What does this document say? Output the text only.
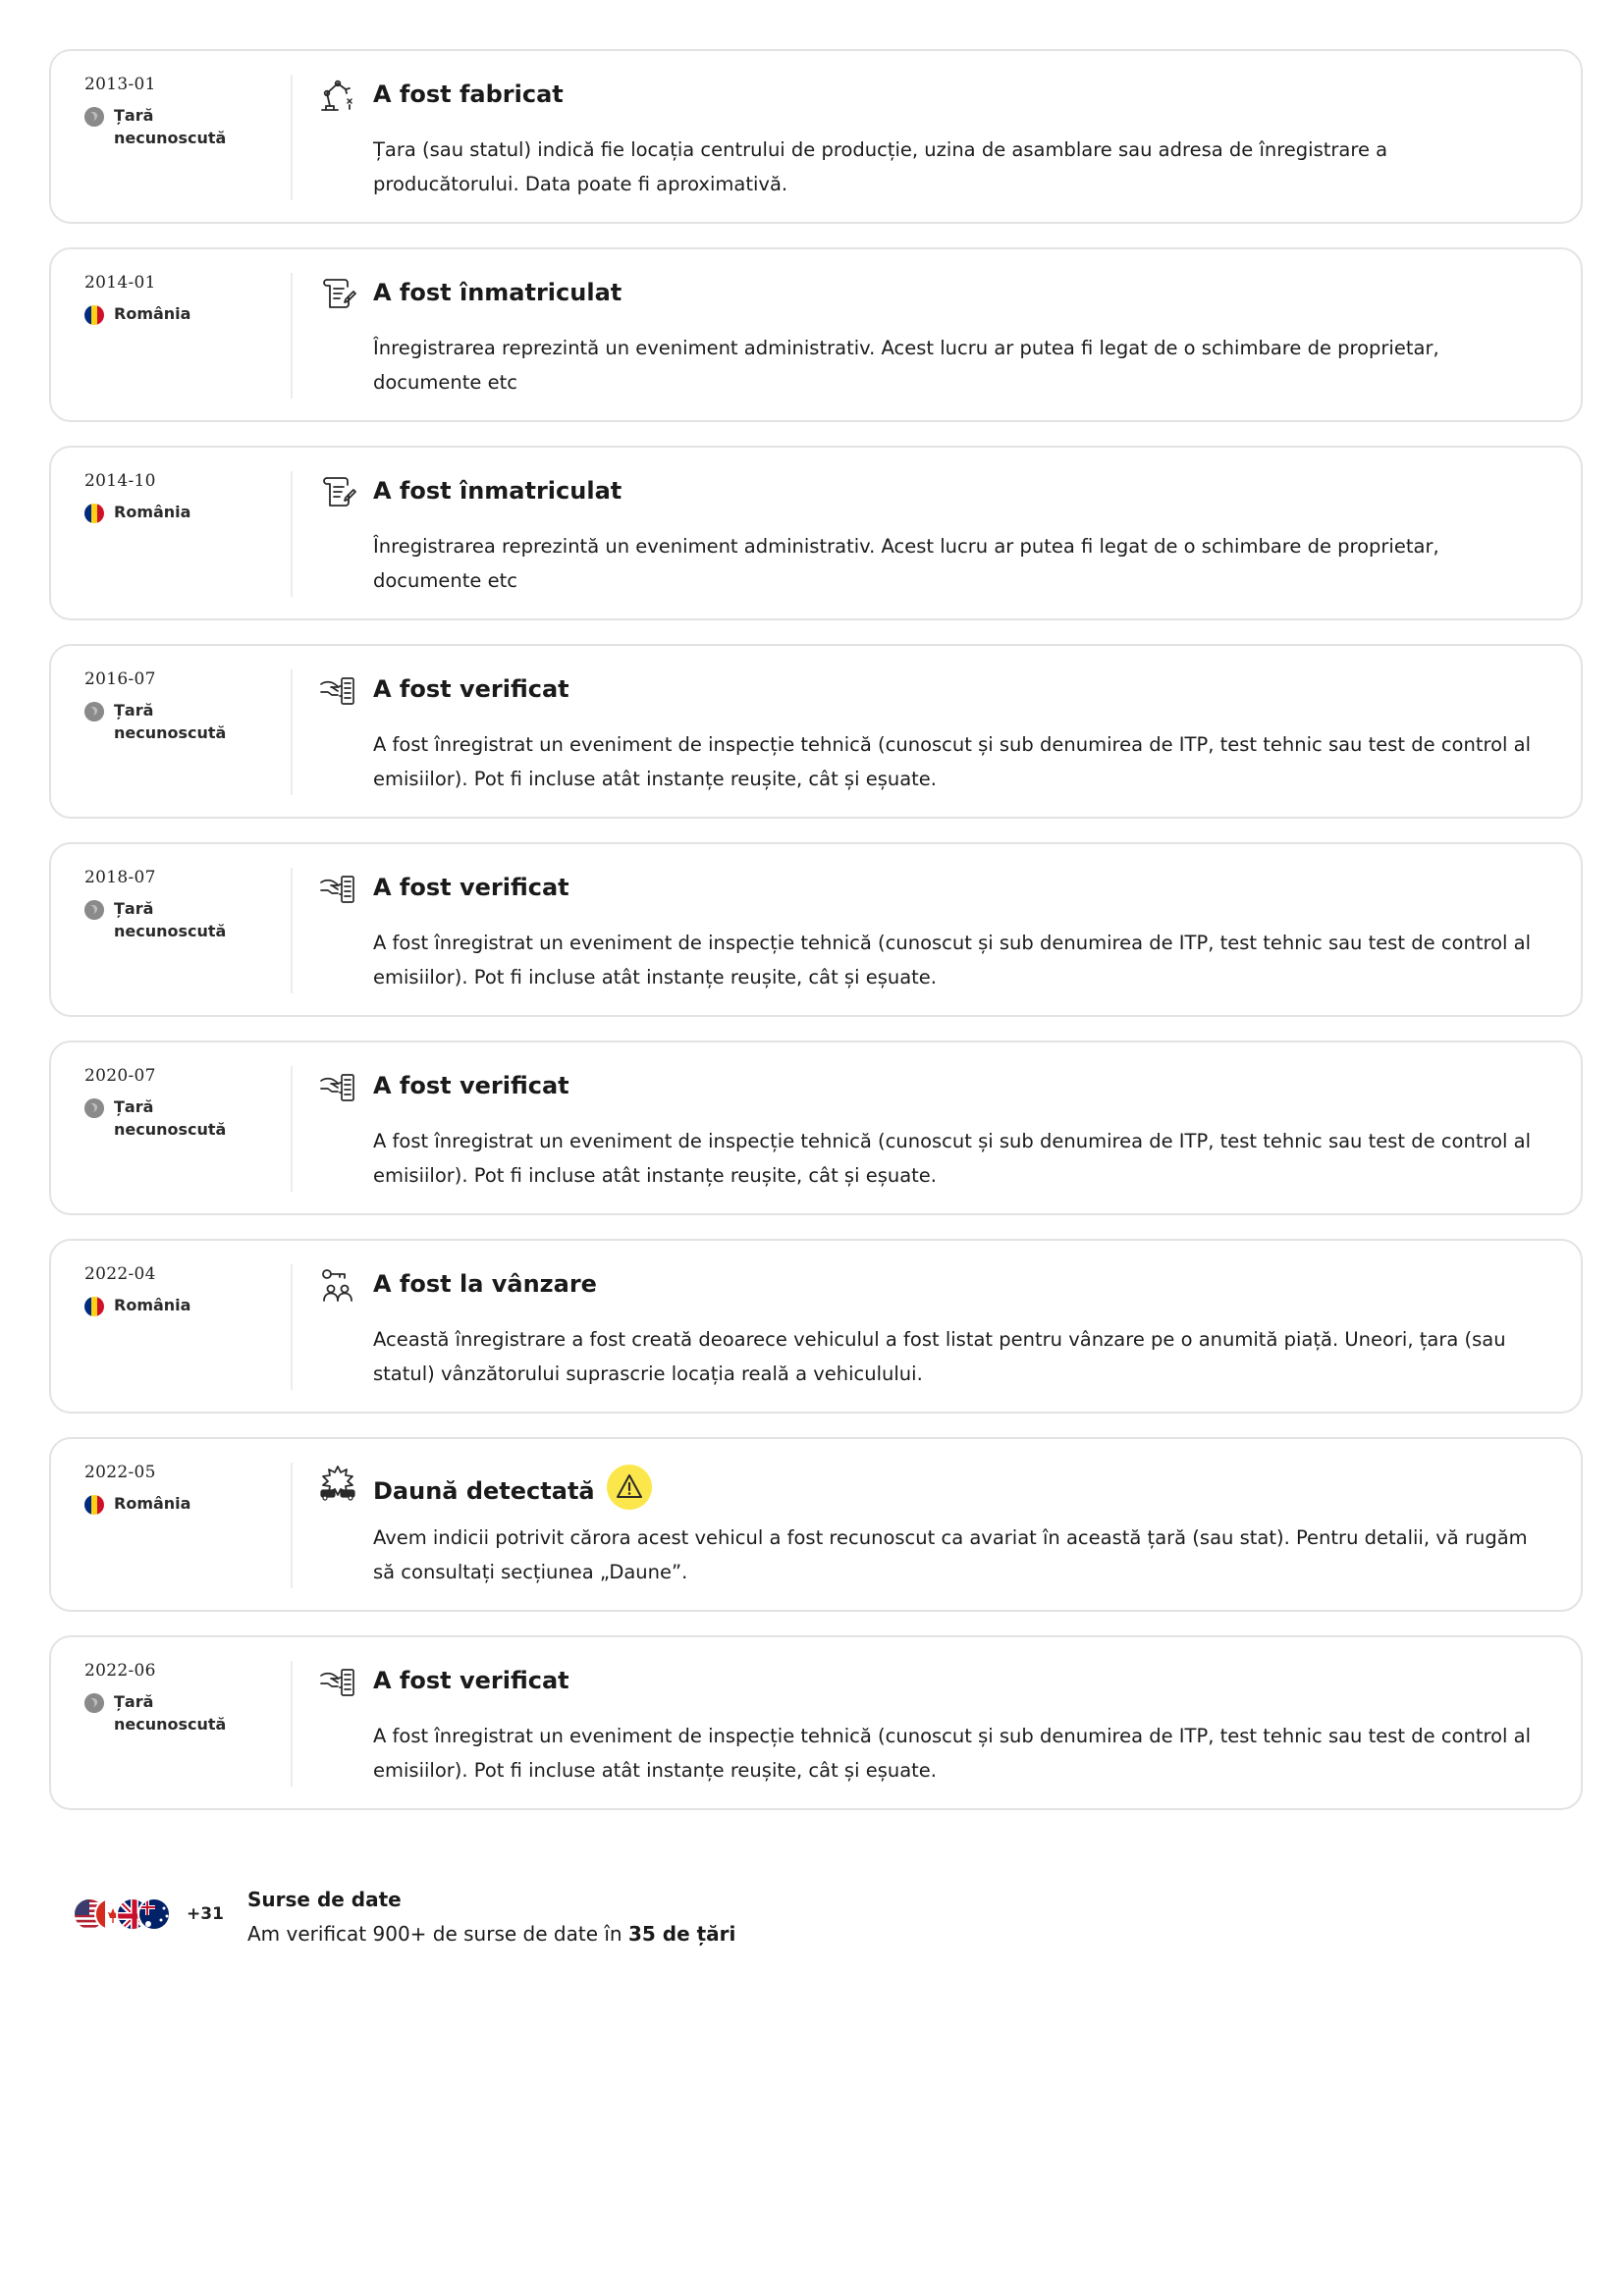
2013-01
Țară necunoscută
A fost fabricat
Țara (sau statul) indică fie locația centrului de producție, uzina de asamblare sau adresa de înregistrare a producătorului. Data poate fi aproximativă.
2014-01
România
A fost înmatriculat
Înregistrarea reprezintă un eveniment administrativ. Acest lucru ar putea fi legat de o schimbare de proprietar, documente etc
2014-10
România
A fost înmatriculat
Înregistrarea reprezintă un eveniment administrativ. Acest lucru ar putea fi legat de o schimbare de proprietar, documente etc
2016-07
Țară necunoscută
A fost verificat
A fost înregistrat un eveniment de inspecție tehnică (cunoscut și sub denumirea de ITP, test tehnic sau test de control al emisiilor). Pot fi incluse atât instanțe reușite, cât și eșuate.
2018-07
Țară necunoscută
A fost verificat
A fost înregistrat un eveniment de inspecție tehnică (cunoscut și sub denumirea de ITP, test tehnic sau test de control al emisiilor). Pot fi incluse atât instanțe reușite, cât și eșuate.
2020-07
Țară necunoscută
A fost verificat
A fost înregistrat un eveniment de inspecție tehnică (cunoscut și sub denumirea de ITP, test tehnic sau test de control al emisiilor). Pot fi incluse atât instanțe reușite, cât și eșuate.
2022-04
România
A fost la vânzare
Această înregistrare a fost creată deoarece vehiculul a fost listat pentru vânzare pe o anumită piață. Uneori, țara (sau statul) vânzătorului suprascrie locația reală a vehiculului.
2022-05
România	Daună detectată
Avem indicii potrivit cărora acest vehicul a fost recunoscut ca avariat în această țară (sau stat). Pentru detalii, vă rugăm să consultați secțiunea „Daune”.
2022-06
Țară necunoscută
A fost verificat
A fost înregistrat un eveniment de inspecție tehnică (cunoscut și sub denumirea de ITP, test tehnic sau test de control al emisiilor). Pot fi incluse atât instanțe reușite, cât și eșuate.
+31
Surse de date
Am verificat 900+ de surse de date în 35 de țări
